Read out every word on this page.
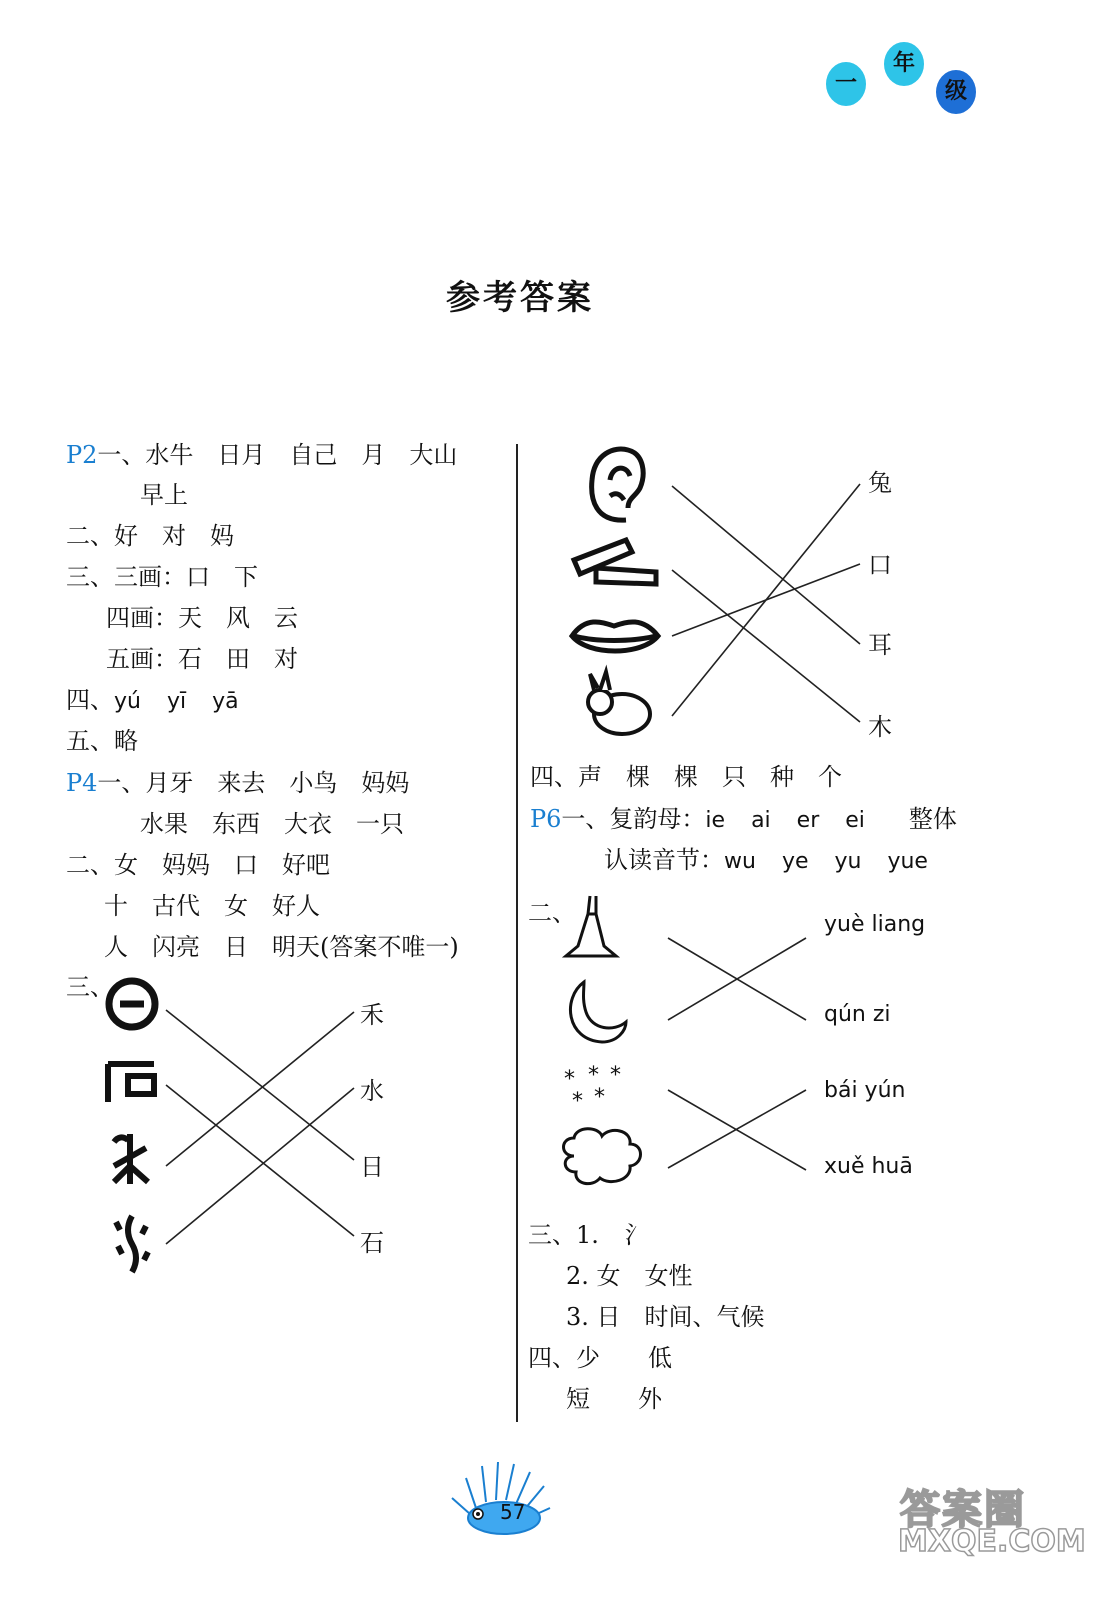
一
年
级
参考答案
P2一、水牛　日月　自己　月　大山
早上
二、好　对　妈
三、三画：口　下
四画：天　风　云
五画：石　田　对
四、yú yī yā
五、略
P4一、月牙　来去　小鸟　妈妈
水果　东西　大衣　一只
二、女　妈妈　口　好吧
十　古代　女　好人
人　闪亮　日　明天(答案不唯一)
三、
禾
水
日
石
兔
口
耳
木
四、声　棵　棵　只　种　个
P6一、复韵母：ie ai er ei 整体
认读音节：wu ye yu yue
二、
* * *
* *
yuè liang
qún zi
bái yún
xuě huā
三、1. 氵
2. 女　女性
3. 日　时间、气候
四、少　　低
短　　外
57	答案圈
MXQE.COM
